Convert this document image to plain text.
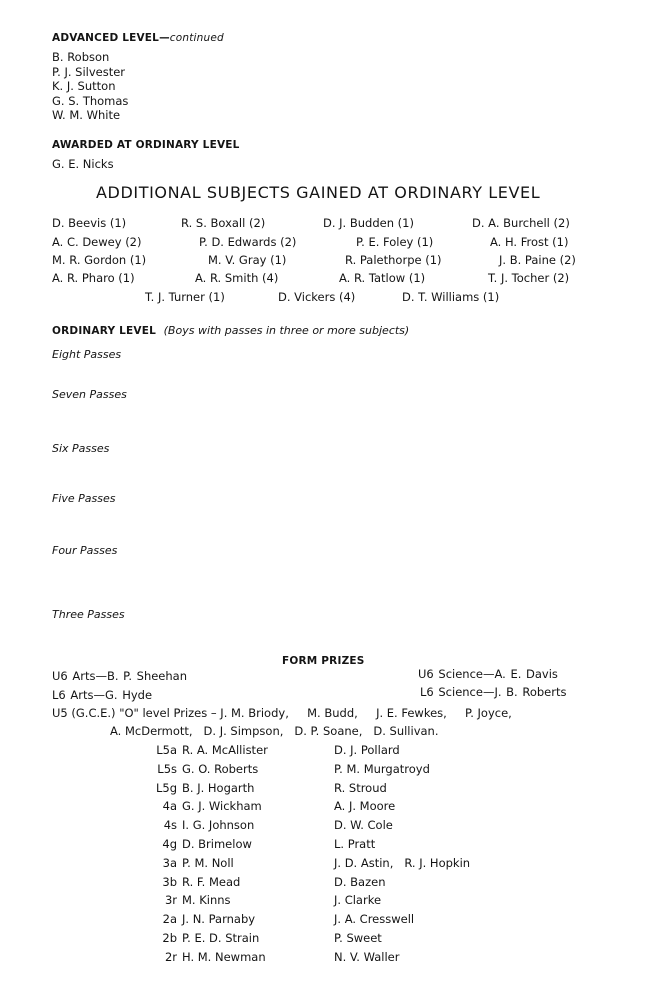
ADVANCED LEVEL—continued
B. Robson
P. J. Silvester
K. J. Sutton
G. S. Thomas
W. M. White
AWARDED AT ORDINARY LEVEL
G. E. Nicks
ADDITIONAL SUBJECTS GAINED AT ORDINARY LEVEL
D. Beevis (1)	R. S. Boxall (2)	D. J. Budden (1)	D. A. Burchell (2)
A. C. Dewey (2)	P. D. Edwards (2)	P. E. Foley (1)	A. H. Frost (1)
M. R. Gordon (1)	M. V. Gray (1)	R. Palethorpe (1)	J. B. Paine (2)
A. R. Pharo (1)	A. R. Smith (4)	A. R. Tatlow (1)	T. J. Tocher (2)
T. J. Turner (1)	D. Vickers (4)	D. T. Williams (1)
ORDINARY LEVEL (Boys with passes in three or more subjects)
Eight Passes
Seven Passes
Six Passes
Five Passes
Four Passes
Three Passes
FORM PRIZES
U6 Arts—B. P. Sheehan	U6 Science—A. E. Davis
L6 Arts—G. Hyde	L6 Science—J. B. Roberts
U5 (G.C.E.) "O" level Prizes – J. M. Briody,     M. Budd,     J. E. Fewkes,     P. Joyce,
A. McDermott,   D. J. Simpson,   D. P. Soane,   D. Sullivan.
L5a R. A. McAllister	D. J. Pollard
L5s G. O. Roberts	P. M. Murgatroyd
L5g B. J. Hogarth	R. Stroud
4a G. J. Wickham	A. J. Moore
4s I. G. Johnson	D. W. Cole
4g D. Brimelow	L. Pratt
3a P. M. Noll	J. D. Astin,   R. J. Hopkin
3b R. F. Mead	D. Bazen
3r M. Kinns	J. Clarke
2a J. N. Parnaby	J. A. Cresswell
2b P. E. D. Strain	P. Sweet
2r H. M. Newman	N. V. Waller
